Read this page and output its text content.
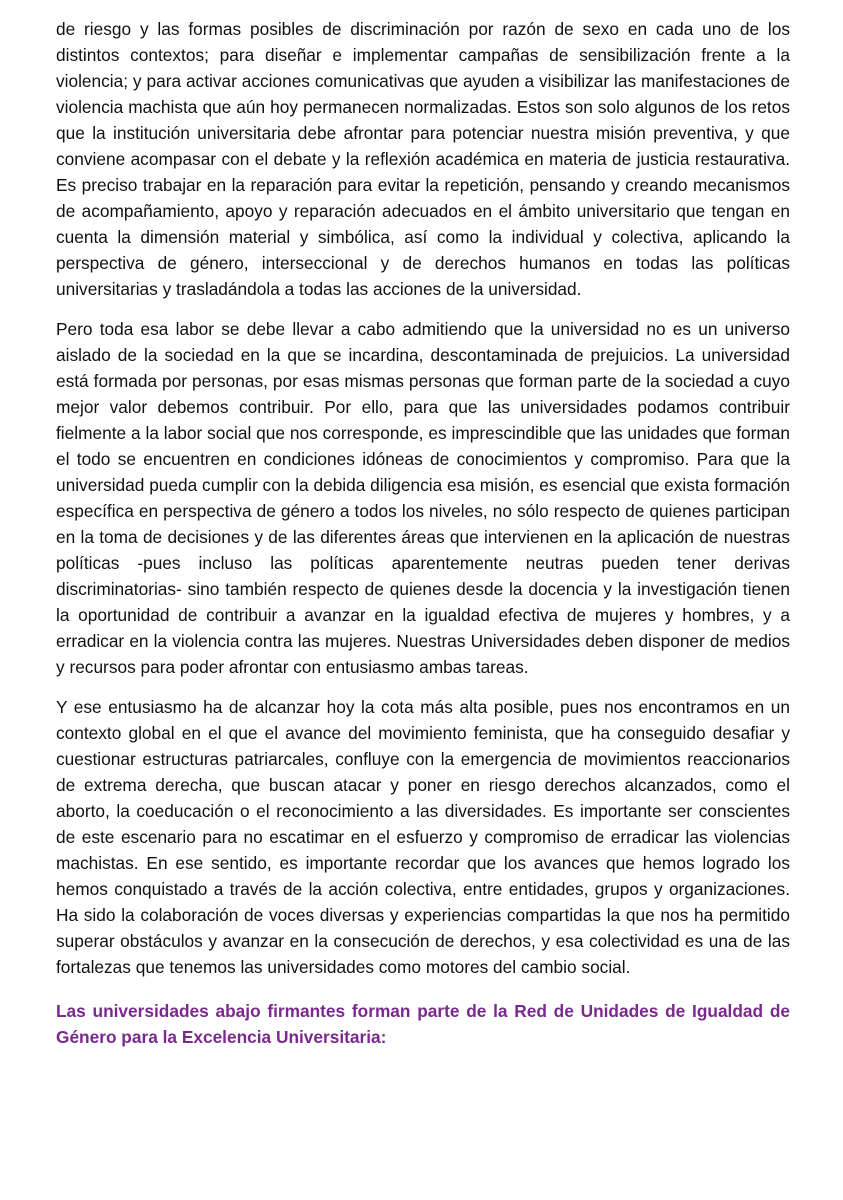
de riesgo y las formas posibles de discriminación por razón de sexo en cada uno de los distintos contextos; para diseñar e implementar campañas de sensibilización frente a la violencia; y para activar acciones comunicativas que ayuden a visibilizar las manifestaciones de violencia machista que aún hoy permanecen normalizadas. Estos son solo algunos de los retos que la institución universitaria debe afrontar para potenciar nuestra misión preventiva, y que conviene acompasar con el debate y la reflexión académica en materia de justicia restaurativa. Es preciso trabajar en la reparación para evitar la repetición, pensando y creando mecanismos de acompañamiento, apoyo y reparación adecuados en el ámbito universitario que tengan en cuenta la dimensión material y simbólica, así como la individual y colectiva, aplicando la perspectiva de género, interseccional y de derechos humanos en todas las políticas universitarias y trasladándola a todas las acciones de la universidad.

Pero toda esa labor se debe llevar a cabo admitiendo que la universidad no es un universo aislado de la sociedad en la que se incardina, descontaminada de prejuicios. La universidad está formada por personas, por esas mismas personas que forman parte de la sociedad a cuyo mejor valor debemos contribuir. Por ello, para que las universidades podamos contribuir fielmente a la labor social que nos corresponde, es imprescindible que las unidades que forman el todo se encuentren en condiciones idóneas de conocimientos y compromiso. Para que la universidad pueda cumplir con la debida diligencia esa misión, es esencial que exista formación específica en perspectiva de género a todos los niveles, no sólo respecto de quienes participan en la toma de decisiones y de las diferentes áreas que intervienen en la aplicación de nuestras políticas -pues incluso las políticas aparentemente neutras pueden tener derivas discriminatorias- sino también respecto de quienes desde la docencia y la investigación tienen la oportunidad de contribuir a avanzar en la igualdad efectiva de mujeres y hombres, y a erradicar en la violencia contra las mujeres. Nuestras Universidades deben disponer de medios y recursos para poder afrontar con entusiasmo ambas tareas.

Y ese entusiasmo ha de alcanzar hoy la cota más alta posible, pues nos encontramos en un contexto global en el que el avance del movimiento feminista, que ha conseguido desafiar y cuestionar estructuras patriarcales, confluye con la emergencia de movimientos reaccionarios de extrema derecha, que buscan atacar y poner en riesgo derechos alcanzados, como el aborto, la coeducación o el reconocimiento a las diversidades. Es importante ser conscientes de este escenario para no escatimar en el esfuerzo y compromiso de erradicar las violencias machistas. En ese sentido, es importante recordar que los avances que hemos logrado los hemos conquistado a través de la acción colectiva, entre entidades, grupos y organizaciones. Ha sido la colaboración de voces diversas y experiencias compartidas la que nos ha permitido superar obstáculos y avanzar en la consecución de derechos, y esa colectividad es una de las fortalezas que tenemos las universidades como motores del cambio social.

Las universidades abajo firmantes forman parte de la Red de Unidades de Igualdad de Género para la Excelencia Universitaria:
